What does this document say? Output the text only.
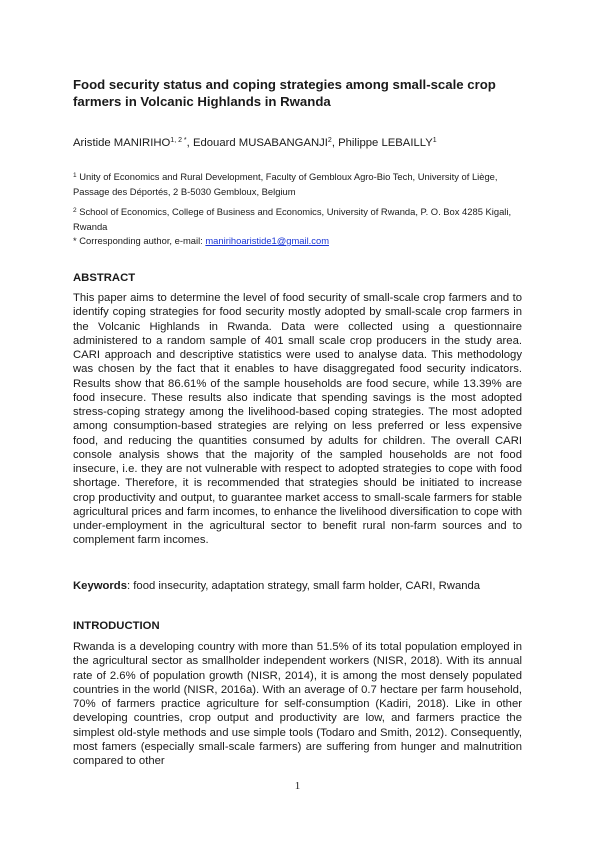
Food security status and coping strategies among small-scale crop farmers in Volcanic Highlands in Rwanda
Aristide $MANIRIHO^{1, 2 *}$, Edouard MUSABANGANJI$^2$, Philippe LEBAILLY$^1$
$^1$ Unity of Economics and Rural Development, Faculty of Gembloux Agro-Bio Tech, University of Liège, Passage des Déportés, 2 B-5030 Gembloux, Belgium
$^2$ School of Economics, College of Business and Economics, University of Rwanda, P. O. Box 4285 Kigali, Rwanda
* Corresponding author, e-mail: manirihoaristide1@gmail.com
ABSTRACT
This paper aims to determine the level of food security of small-scale crop farmers and to identify coping strategies for food security mostly adopted by small-scale crop farmers in the Volcanic Highlands in Rwanda. Data were collected using a questionnaire administered to a random sample of 401 small scale crop producers in the study area. CARI approach and descriptive statistics were used to analyse data. This methodology was chosen by the fact that it enables to have disaggregated food security indicators. Results show that 86.61% of the sample households are food secure, while 13.39% are food insecure. These results also indicate that spending savings is the most adopted stress-coping strategy among the livelihood-based coping strategies. The most adopted among consumption-based strategies are relying on less preferred or less expensive food, and reducing the quantities consumed by adults for children. The overall CARI console analysis shows that the majority of the sampled households are not food insecure, i.e. they are not vulnerable with respect to adopted strategies to cope with food shortage. Therefore, it is recommended that strategies should be initiated to increase crop productivity and output, to guarantee market access to small-scale farmers for stable agricultural prices and farm incomes, to enhance the livelihood diversification to cope with under-employment in the agricultural sector to benefit rural non-farm sources and to complement farm incomes.
Keywords: food insecurity, adaptation strategy, small farm holder, CARI, Rwanda
INTRODUCTION
Rwanda is a developing country with more than 51.5% of its total population employed in the agricultural sector as smallholder independent workers (NISR, 2018). With its annual rate of 2.6% of population growth (NISR, 2014), it is among the most densely populated countries in the world (NISR, 2016a). With an average of 0.7 hectare per farm household, 70% of farmers practice agriculture for self-consumption (Kadiri, 2018). Like in other developing countries, crop output and productivity are low, and farmers practice the simplest old-style methods and use simple tools (Todaro and Smith, 2012). Consequently, most famers (especially small-scale farmers) are suffering from hunger and malnutrition compared to other
1
